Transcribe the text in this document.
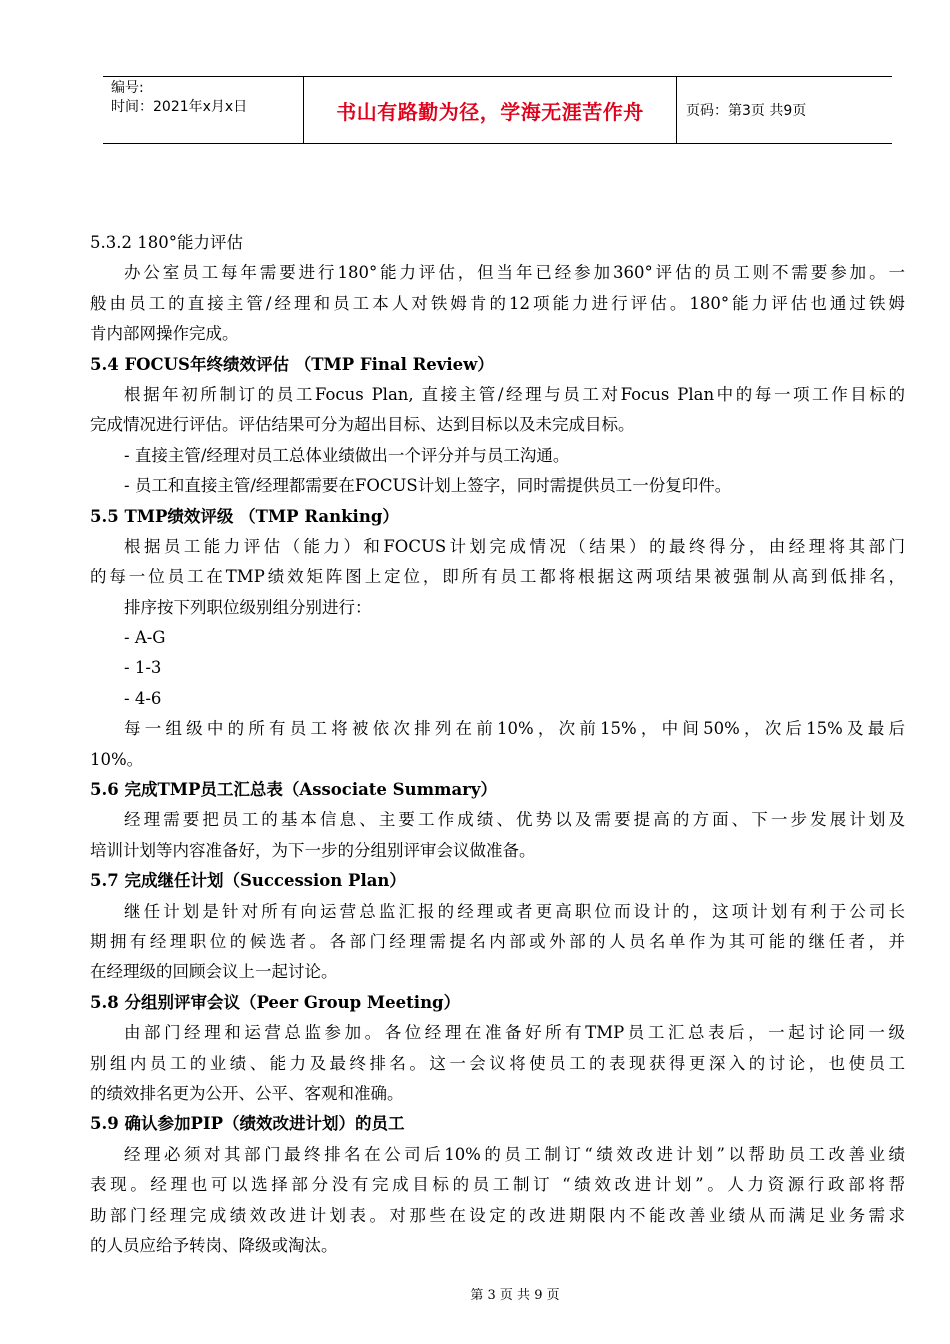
编号:
时间：2021年x月x日	书山有路勤为径，学海无涯苦作舟	页码：第3页 共9页
5.3.2 180°能力评估
办公室员工每年需要进行180°能力评估，但当年已经参加360°评估的员工则不需要参加。一
般由员工的直接主管/经理和员工本人对铁姆肯的12项能力进行评估。180°能力评估也通过铁姆
肯内部网操作完成。
5.4 FOCUS年终绩效评估 （TMP Final Review）
根据年初所制订的员工Focus Plan, 直接主管/经理与员工对Focus Plan中的每一项工作目标的
完成情况进行评估。评估结果可分为超出目标、达到目标以及未完成目标。
- 直接主管/经理对员工总体业绩做出一个评分并与员工沟通。
- 员工和直接主管/经理都需要在FOCUS计划上签字，同时需提供员工一份复印件。
5.5 TMP绩效评级 （TMP Ranking）
根据员工能力评估（能力）和FOCUS计划完成情况（结果）的最终得分，由经理将其部门
的每一位员工在TMP绩效矩阵图上定位，即所有员工都将根据这两项结果被强制从高到低排名，
排序按下列职位级别组分别进行：
- A-G
- 1-3
- 4-6
每一组级中的所有员工将被依次排列在前10%，次前15%，中间50%，次后15%及最后
10%。
5.6 完成TMP员工汇总表（Associate Summary）
经理需要把员工的基本信息、主要工作成绩、优势以及需要提高的方面、下一步发展计划及
培训计划等内容准备好，为下一步的分组别评审会议做准备。
5.7 完成继任计划（Succession Plan）
继任计划是针对所有向运营总监汇报的经理或者更高职位而设计的，这项计划有利于公司长
期拥有经理职位的候选者。各部门经理需提名内部或外部的人员名单作为其可能的继任者，并
在经理级的回顾会议上一起讨论。
5.8 分组别评审会议（Peer Group Meeting）
由部门经理和运营总监参加。各位经理在准备好所有TMP员工汇总表后，一起讨论同一级
别组内员工的业绩、能力及最终排名。这一会议将使员工的表现获得更深入的讨论，也使员工
的绩效排名更为公开、公平、客观和准确。
5.9 确认参加PIP（绩效改进计划）的员工
经理必须对其部门最终排名在公司后10%的员工制订“绩效改进计划”以帮助员工改善业绩
表现。经理也可以选择部分没有完成目标的员工制订 “绩效改进计划”。人力资源行政部将帮
助部门经理完成绩效改进计划表。对那些在设定的改进期限内不能改善业绩从而满足业务需求
的人员应给予转岗、降级或淘汰。
第 3 页 共 9 页
